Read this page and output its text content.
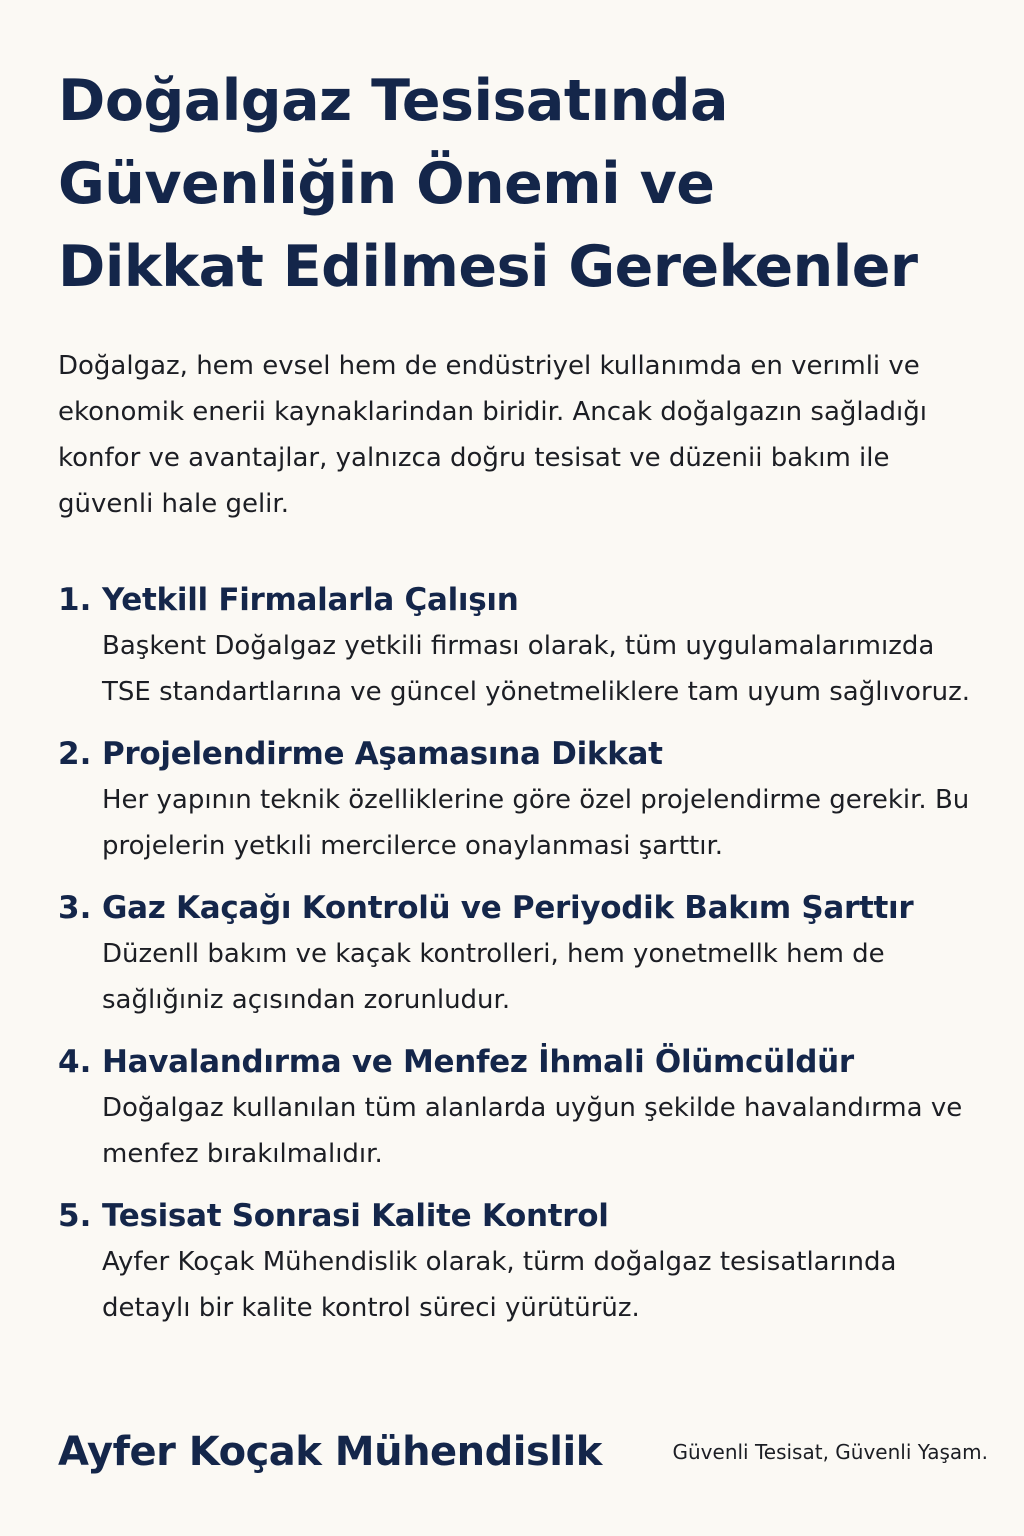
Doğalgaz Tesisatında
Güvenliğin Önemi ve
Dikkat Edilmesi Gerekenler

Doğalgaz, hem evsel hem de endüstriyel kullanımda en verımli ve ekonomik enerii kaynaklarindan biridir. Ancak doğalgazın sağladığı konfor ve avantajlar, yalnızca doğru tesisat ve düzenii bakım ile güvenli hale gelir.

1. Yetkill Firmalarla Çalışın

Başkent Doğalgaz yetkili firması olarak, tüm uygulamalarımızda TSE standartlarına ve güncel yönetmeliklere tam uyum sağlıvoruz.

2. Projelendirme Aşamasına Dikkat

Her yapının teknik özelliklerine göre özel projelendirme gerekir. Bu projelerin yetkıli mercilerce onaylanmasi şarttır.

3. Gaz Kaçağı Kontrolü ve Periyodik Bakım Şarttır

Düzenll bakım ve kaçak kontrolleri, hem yonetmellk hem de sağlığıniz açısından zorunludur.

4. Havalandırma ve Menfez İhmali Ölümcüldür

Doğalgaz kullanılan tüm alanlarda uyğun şekilde havalandırma ve menfez bırakılmalıdır.

5. Tesisat Sonrasi Kalite Kontrol

Ayfer Koçak Mühendislik olarak, türm doğalgaz tesisatlarında detaylı bir kalite kontrol süreci yürütürüz.

Ayfer Koçak Mühendislik	Güvenli Tesisat, Güvenli Yaşam.
